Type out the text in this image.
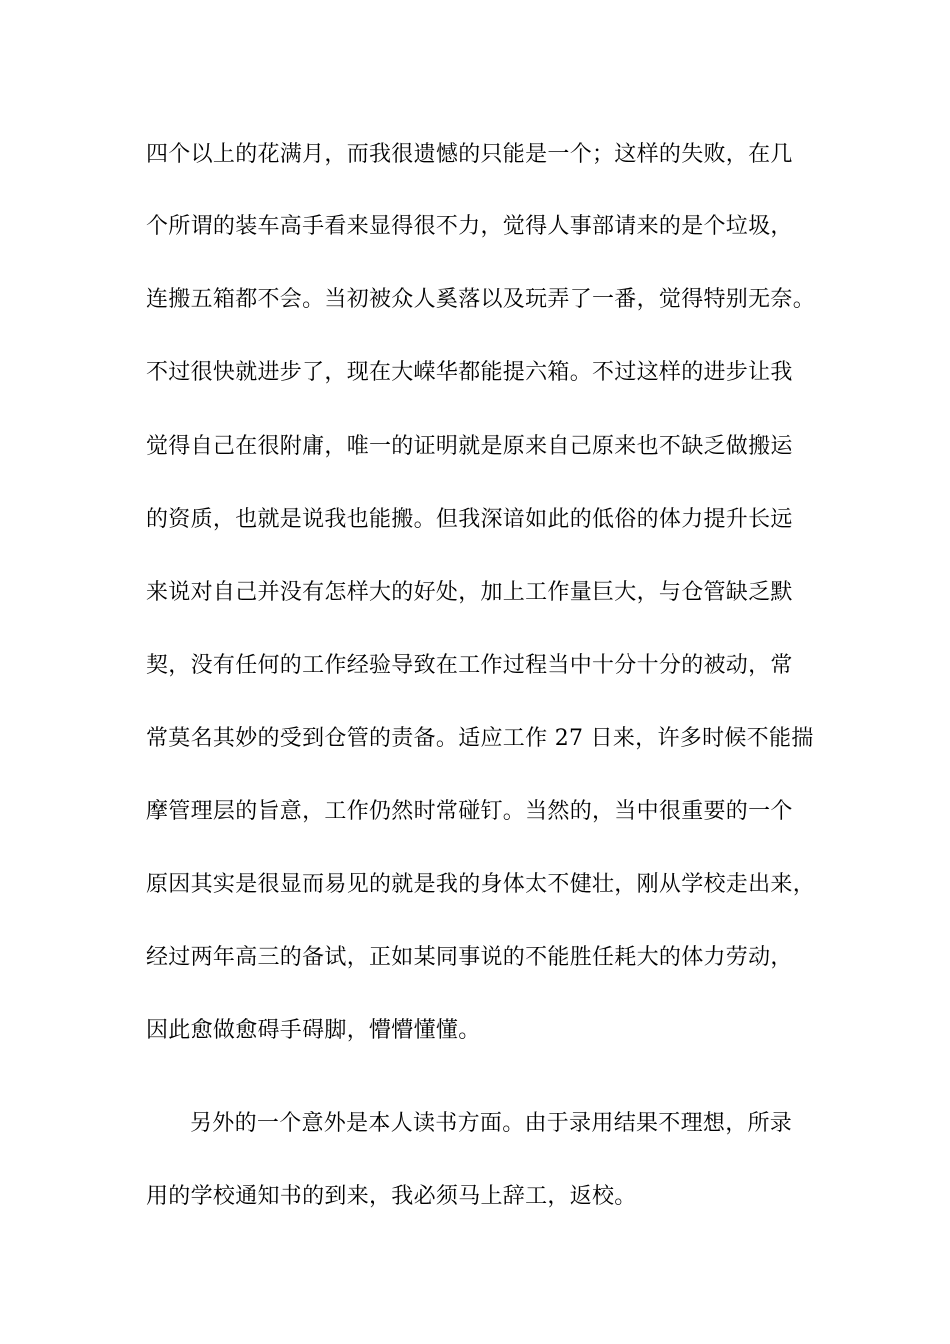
四个以上的花满月，而我很遗憾的只能是一个；这样的失败，在几
个所谓的装车高手看来显得很不力，觉得人事部请来的是个垃圾，
连搬五箱都不会。当初被众人奚落以及玩弄了一番，觉得特别无奈。
不过很快就进步了，现在大嵘华都能提六箱。不过这样的进步让我
觉得自己在很附庸，唯一的证明就是原来自己原来也不缺乏做搬运
的资质，也就是说我也能搬。但我深谙如此的低俗的体力提升长远
来说对自己并没有怎样大的好处，加上工作量巨大，与仓管缺乏默
契，没有任何的工作经验导致在工作过程当中十分十分的被动，常
常莫名其妙的受到仓管的责备。适应工作 27 日来，许多时候不能揣
摩管理层的旨意，工作仍然时常碰钉。当然的，当中很重要的一个
原因其实是很显而易见的就是我的身体太不健壮，刚从学校走出来，
经过两年高三的备试，正如某同事说的不能胜任耗大的体力劳动，
因此愈做愈碍手碍脚，懵懵懂懂。
另外的一个意外是本人读书方面。由于录用结果不理想，所录
用的学校通知书的到来，我必须马上辞工，返校。
